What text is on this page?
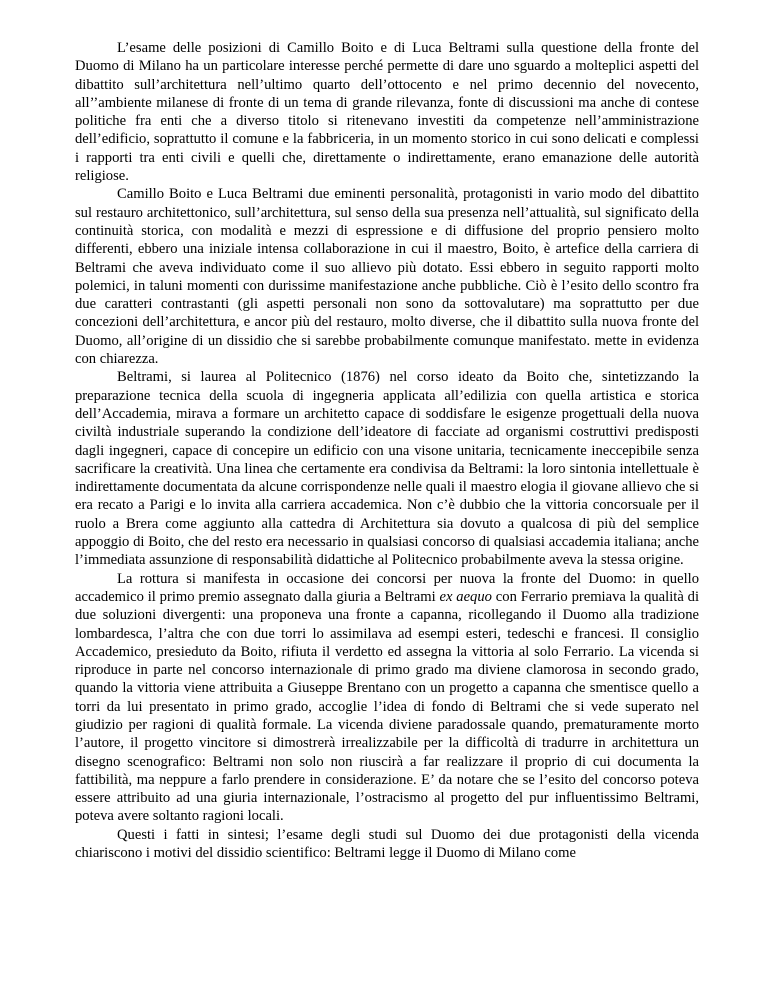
L’esame delle posizioni di Camillo Boito e di Luca Beltrami sulla questione della fronte del Duomo di Milano ha un particolare interesse perché permette di dare uno sguardo a molteplici aspetti del dibattito sull’architettura nell’ultimo quarto dell’ottocento e nel primo decennio del novecento, all’’ambiente milanese di fronte di un tema di grande rilevanza, fonte di discussioni ma anche di contese politiche fra enti che a diverso titolo si ritenevano investiti da competenze nell’amministrazione dell’edificio, soprattutto il comune e la fabbriceria, in un momento storico in cui sono delicati e complessi i rapporti tra enti civili e quelli che, direttamente o indirettamente, erano emanazione delle autorità religiose.

Camillo Boito e Luca Beltrami due eminenti personalità, protagonisti in vario modo del dibattito sul restauro architettonico, sull’architettura, sul senso della sua presenza nell’attualità, sul significato della continuità storica, con modalità e mezzi di espressione e di diffusione del proprio pensiero molto differenti, ebbero una iniziale intensa collaborazione in cui il maestro, Boito, è artefice della carriera di Beltrami che aveva individuato come il suo allievo più dotato. Essi ebbero in seguito rapporti molto polemici, in taluni momenti con durissime manifestazione anche pubbliche. Ciò è l’esito dello scontro fra due caratteri contrastanti (gli aspetti personali non sono da sottovalutare) ma soprattutto per due concezioni dell’architettura, e ancor più del restauro, molto diverse, che il dibattito sulla nuova fronte del Duomo, all’origine di un dissidio che si sarebbe probabilmente comunque manifestato. mette in evidenza con chiarezza.

Beltrami, si laurea al Politecnico (1876) nel corso ideato da Boito che, sintetizzando la preparazione tecnica della scuola di ingegneria applicata all’edilizia con quella artistica e storica dell’Accademia, mirava a formare un architetto capace di soddisfare le esigenze progettuali della nuova civiltà industriale superando la condizione dell’ideatore di facciate ad organismi costruttivi predisposti dagli ingegneri, capace di concepire un edificio con una visone unitaria, tecnicamente ineccepibile senza sacrificare la creatività. Una linea che certamente era condivisa da Beltrami: la loro sintonia intellettuale è indirettamente documentata da alcune corrispondenze nelle quali il maestro elogia il giovane allievo che si era recato a Parigi e lo invita alla carriera accademica. Non c’è dubbio che la vittoria concorsuale per il ruolo a Brera come aggiunto alla cattedra di Architettura sia dovuto a qualcosa di più del semplice appoggio di Boito, che del resto era necessario in qualsiasi concorso di qualsiasi accademia italiana; anche l’immediata assunzione di responsabilità didattiche al Politecnico probabilmente aveva la stessa origine.

La rottura si manifesta in occasione dei concorsi per nuova la fronte del Duomo: in quello accademico il primo premio assegnato dalla giuria a Beltrami ex aequo con Ferrario premiava la qualità di due soluzioni divergenti: una proponeva una fronte a capanna, ricollegando il Duomo alla tradizione lombardesca, l’altra che con due torri lo assimilava ad esempi esteri, tedeschi e francesi. Il consiglio Accademico, presieduto da Boito, rifiuta il verdetto ed assegna la vittoria al solo Ferrario. La vicenda si riproduce in parte nel concorso internazionale di primo grado ma diviene clamorosa in secondo grado, quando la vittoria viene attribuita a Giuseppe Brentano con un progetto a capanna che smentisce quello a torri da lui presentato in primo grado, accoglie l’idea di fondo di Beltrami che si vede superato nel giudizio per ragioni di qualità formale. La vicenda diviene paradossale quando, prematuramente morto l’autore, il progetto vincitore si dimostrerà irrealizzabile per la difficoltà di tradurre in architettura un disegno scenografico: Beltrami non solo non riuscirà a far realizzare il proprio di cui documenta la fattibilità, ma neppure a farlo prendere in considerazione. E’ da notare che se l’esito del concorso poteva essere attribuito ad una giuria internazionale, l’ostracismo al progetto del pur influentissimo Beltrami, poteva avere soltanto ragioni locali.

Questi i fatti in sintesi; l’esame degli studi sul Duomo dei due protagonisti della vicenda chiariscono i motivi del dissidio scientifico: Beltrami legge il Duomo di Milano come
